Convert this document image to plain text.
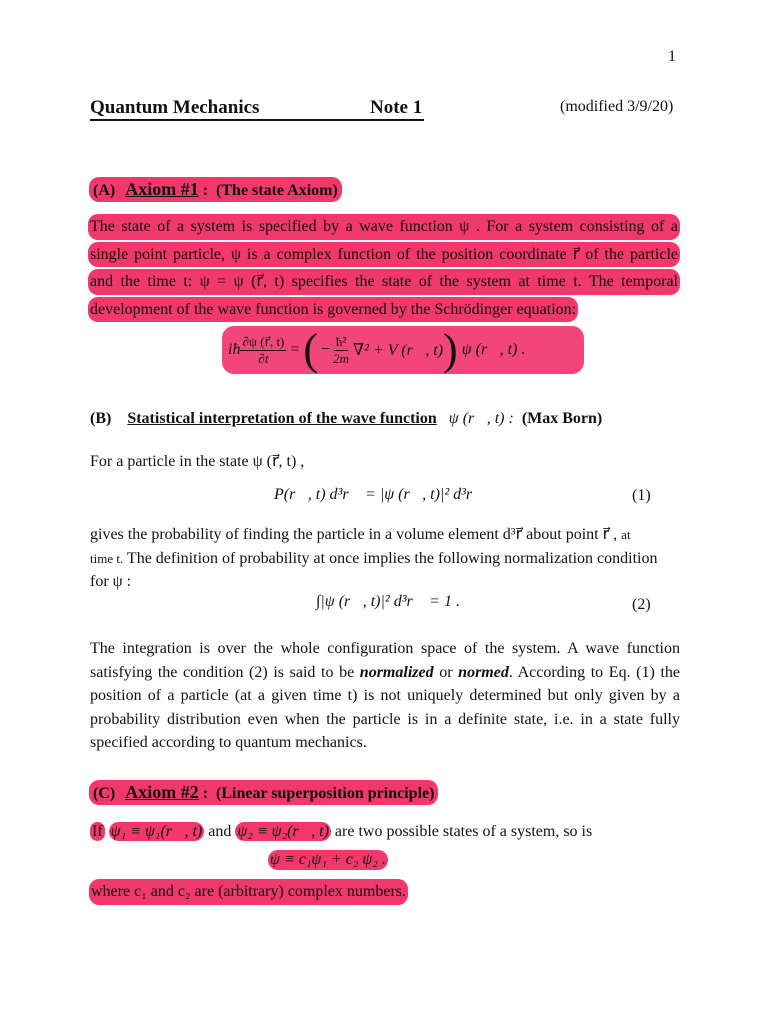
1
Quantum Mechanics	Note 1	(modified 3/9/20)
(A) Axiom #1 : (The state Axiom)
The state of a system is specified by a wave function ψ . For a system consisting of a
single point particle, ψ is a complex function of the position coordinate r⃗ of the particle
and the time t: ψ = ψ (r⃗, t) specifies the state of the system at time t. The temporal
development of the wave function is governed by the Schrödinger equation:
iħ $\frac{\partial\psi (r⃗, t)}{\partial t}$ = ( − $\frac{\text{ħ²}}{2m} \nabla^2 + V$ (r⃗, t) ) ψ (r⃗, t) .
(B) Statistical interpretation of the wave function ψ (r⃗, t) : (Max Born)
For a particle in the state ψ (r⃗, t) ,
P(r⃗, t) d³r⃗ = |ψ (r⃗, t)|² d³r⃗	(1)
gives the probability of finding the particle in a volume element d³r⃗ about point r⃗ , at
time t. The definition of probability at once implies the following normalization condition
for ψ :
∫|ψ (r⃗, t)|² d³r⃗ = 1 .	(2)
The integration is over the whole configuration space of the system. A wave function
satisfying the condition (2) is said to be normalized or normed. According to Eq. (1) the
position of a particle (at a given time t) is not uniquely determined but only given by a
probability distribution even when the particle is in a definite state, i.e. in a state fully
specified according to quantum mechanics.
(C) Axiom #2 : (Linear superposition principle)
If ψ₁ ≡ ψ₁(r⃗, t) and ψ₂ ≡ ψ₂(r⃗, t) are two possible states of a system, so is
ψ ≡ c₁ψ₁ + c₂ ψ₂ .
where c₁ and c₂ are (arbitrary) complex numbers.
